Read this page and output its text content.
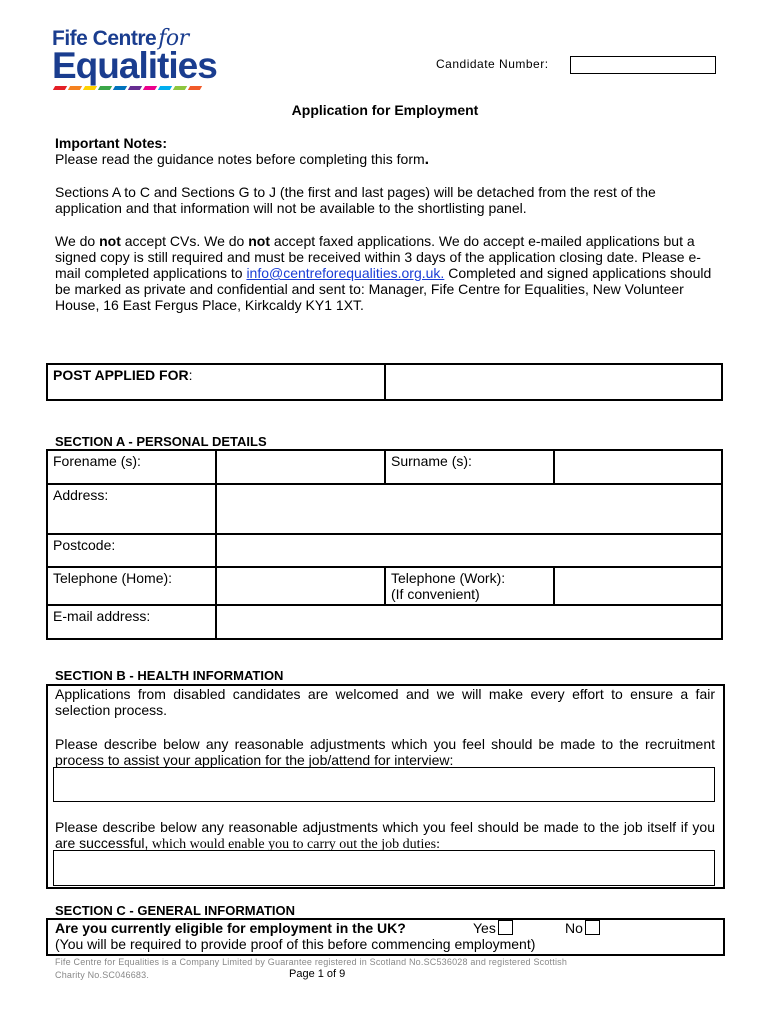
Fife Centrefor
Equalities	Candidate Number:
Application for Employment
Important Notes:
Please read the guidance notes before completing this form.
Sections A to C and Sections G to J (the first and last pages) will be detached from the rest of the application and that information will not be available to the shortlisting panel.
We do not accept CVs. We do not accept faxed applications. We do accept e-mailed applications but a signed copy is still required and must be received within 3 days of the application closing date. Please e-mail completed applications to info@centreforequalities.org.uk. Completed and signed applications should be marked as private and confidential and sent to: Manager, Fife Centre for Equalities, New Volunteer House, 16 East Fergus Place, Kirkcaldy KY1 1XT.
POST APPLIED FOR:	
SECTION A - PERSONAL DETAILS
Forename (s):		Surname (s):	
Address:			
Postcode:			
Telephone (Home):		Telephone (Work):
(If convenient)	

E-mail address:			
SECTION B - HEALTH INFORMATION
Applications from disabled candidates are welcomed and we will make every effort to ensure a fair selection process.
Please describe below any reasonable adjustments which you feel should be made to the recruitment process to assist your application for the job/attend for interview:
Please describe below any reasonable adjustments which you feel should be made to the job itself if you are successful, which would enable you to carry out the job duties:
SECTION C - GENERAL INFORMATION
Are you currently eligible for employment in the UK?	Yes	No
(You will be required to provide proof of this before commencing employment)
Fife Centre for Equalities is a Company Limited by Guarantee registered in Scotland No.SC536028 and registered Scottish
Charity No.SC046683.	Page 1 of 9
